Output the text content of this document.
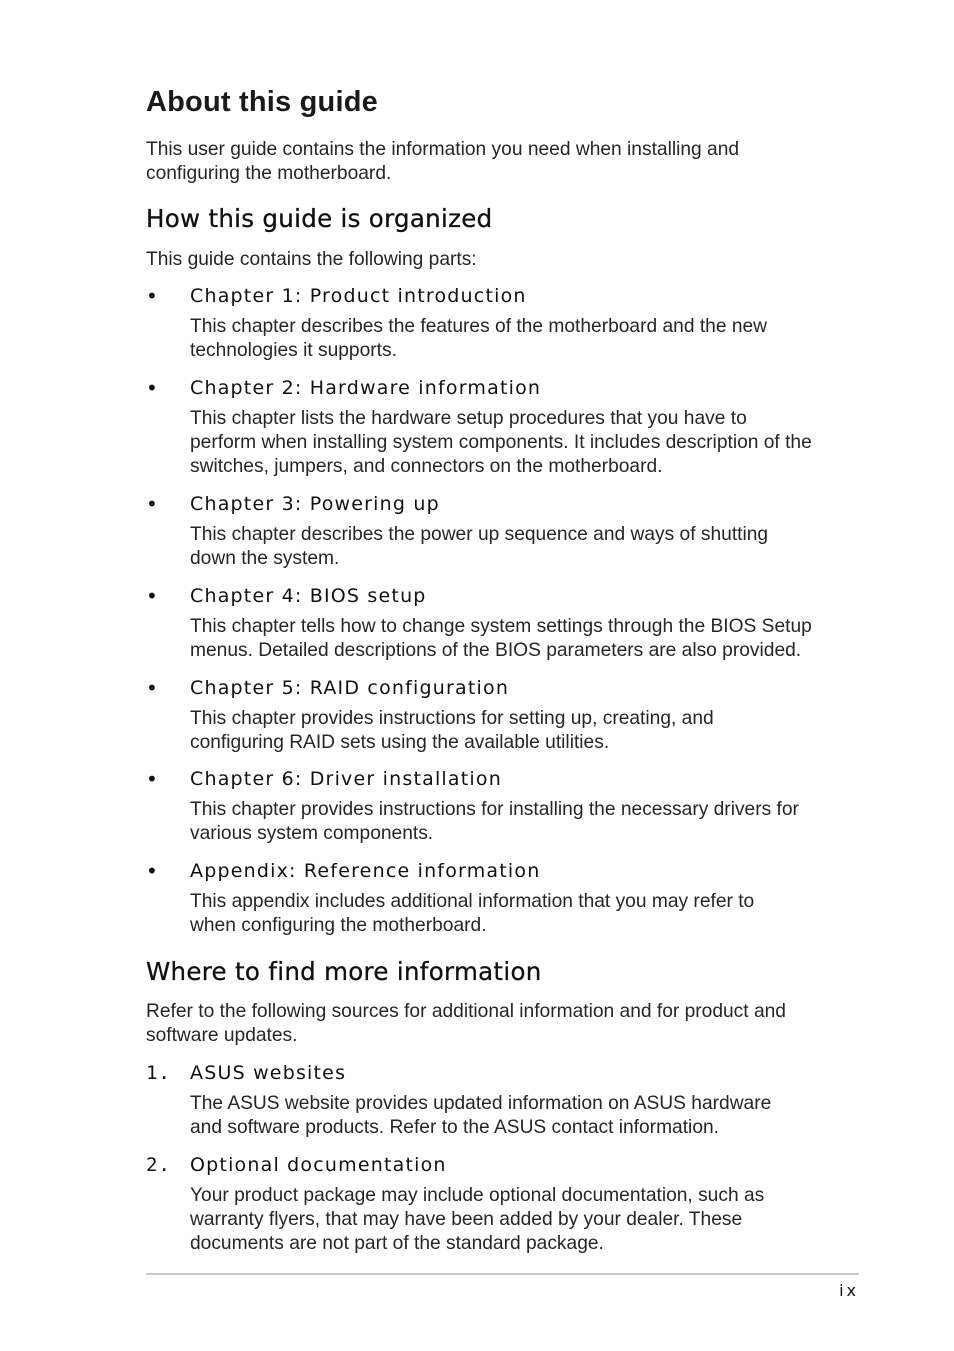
About this guide

This user guide contains the information you need when installing and configuring the motherboard.

How this guide is organized

This guide contains the following parts:

• Chapter 1: Product introduction

This chapter describes the features of the motherboard and the new technologies it supports.

• Chapter 2: Hardware information

This chapter lists the hardware setup procedures that you have to perform when installing system components. It includes description of the switches, jumpers, and connectors on the motherboard.

• Chapter 3: Powering up

This chapter describes the power up sequence and ways of shutting down the system.

• Chapter 4: BIOS setup

This chapter tells how to change system settings through the BIOS Setup menus. Detailed descriptions of the BIOS parameters are also provided.

• Chapter 5: RAID configuration

This chapter provides instructions for setting up, creating, and configuring RAID sets using the available utilities.

• Chapter 6: Driver installation

This chapter provides instructions for installing the necessary drivers for various system components.

• Appendix: Reference information

This appendix includes additional information that you may refer to when configuring the motherboard.

Where to find more information

Refer to the following sources for additional information and for product and software updates.

1. ASUS websites

The ASUS website provides updated information on ASUS hardware and software products. Refer to the ASUS contact information.

2. Optional documentation

Your product package may include optional documentation, such as warranty flyers, that may have been added by your dealer. These documents are not part of the standard package.

ix
